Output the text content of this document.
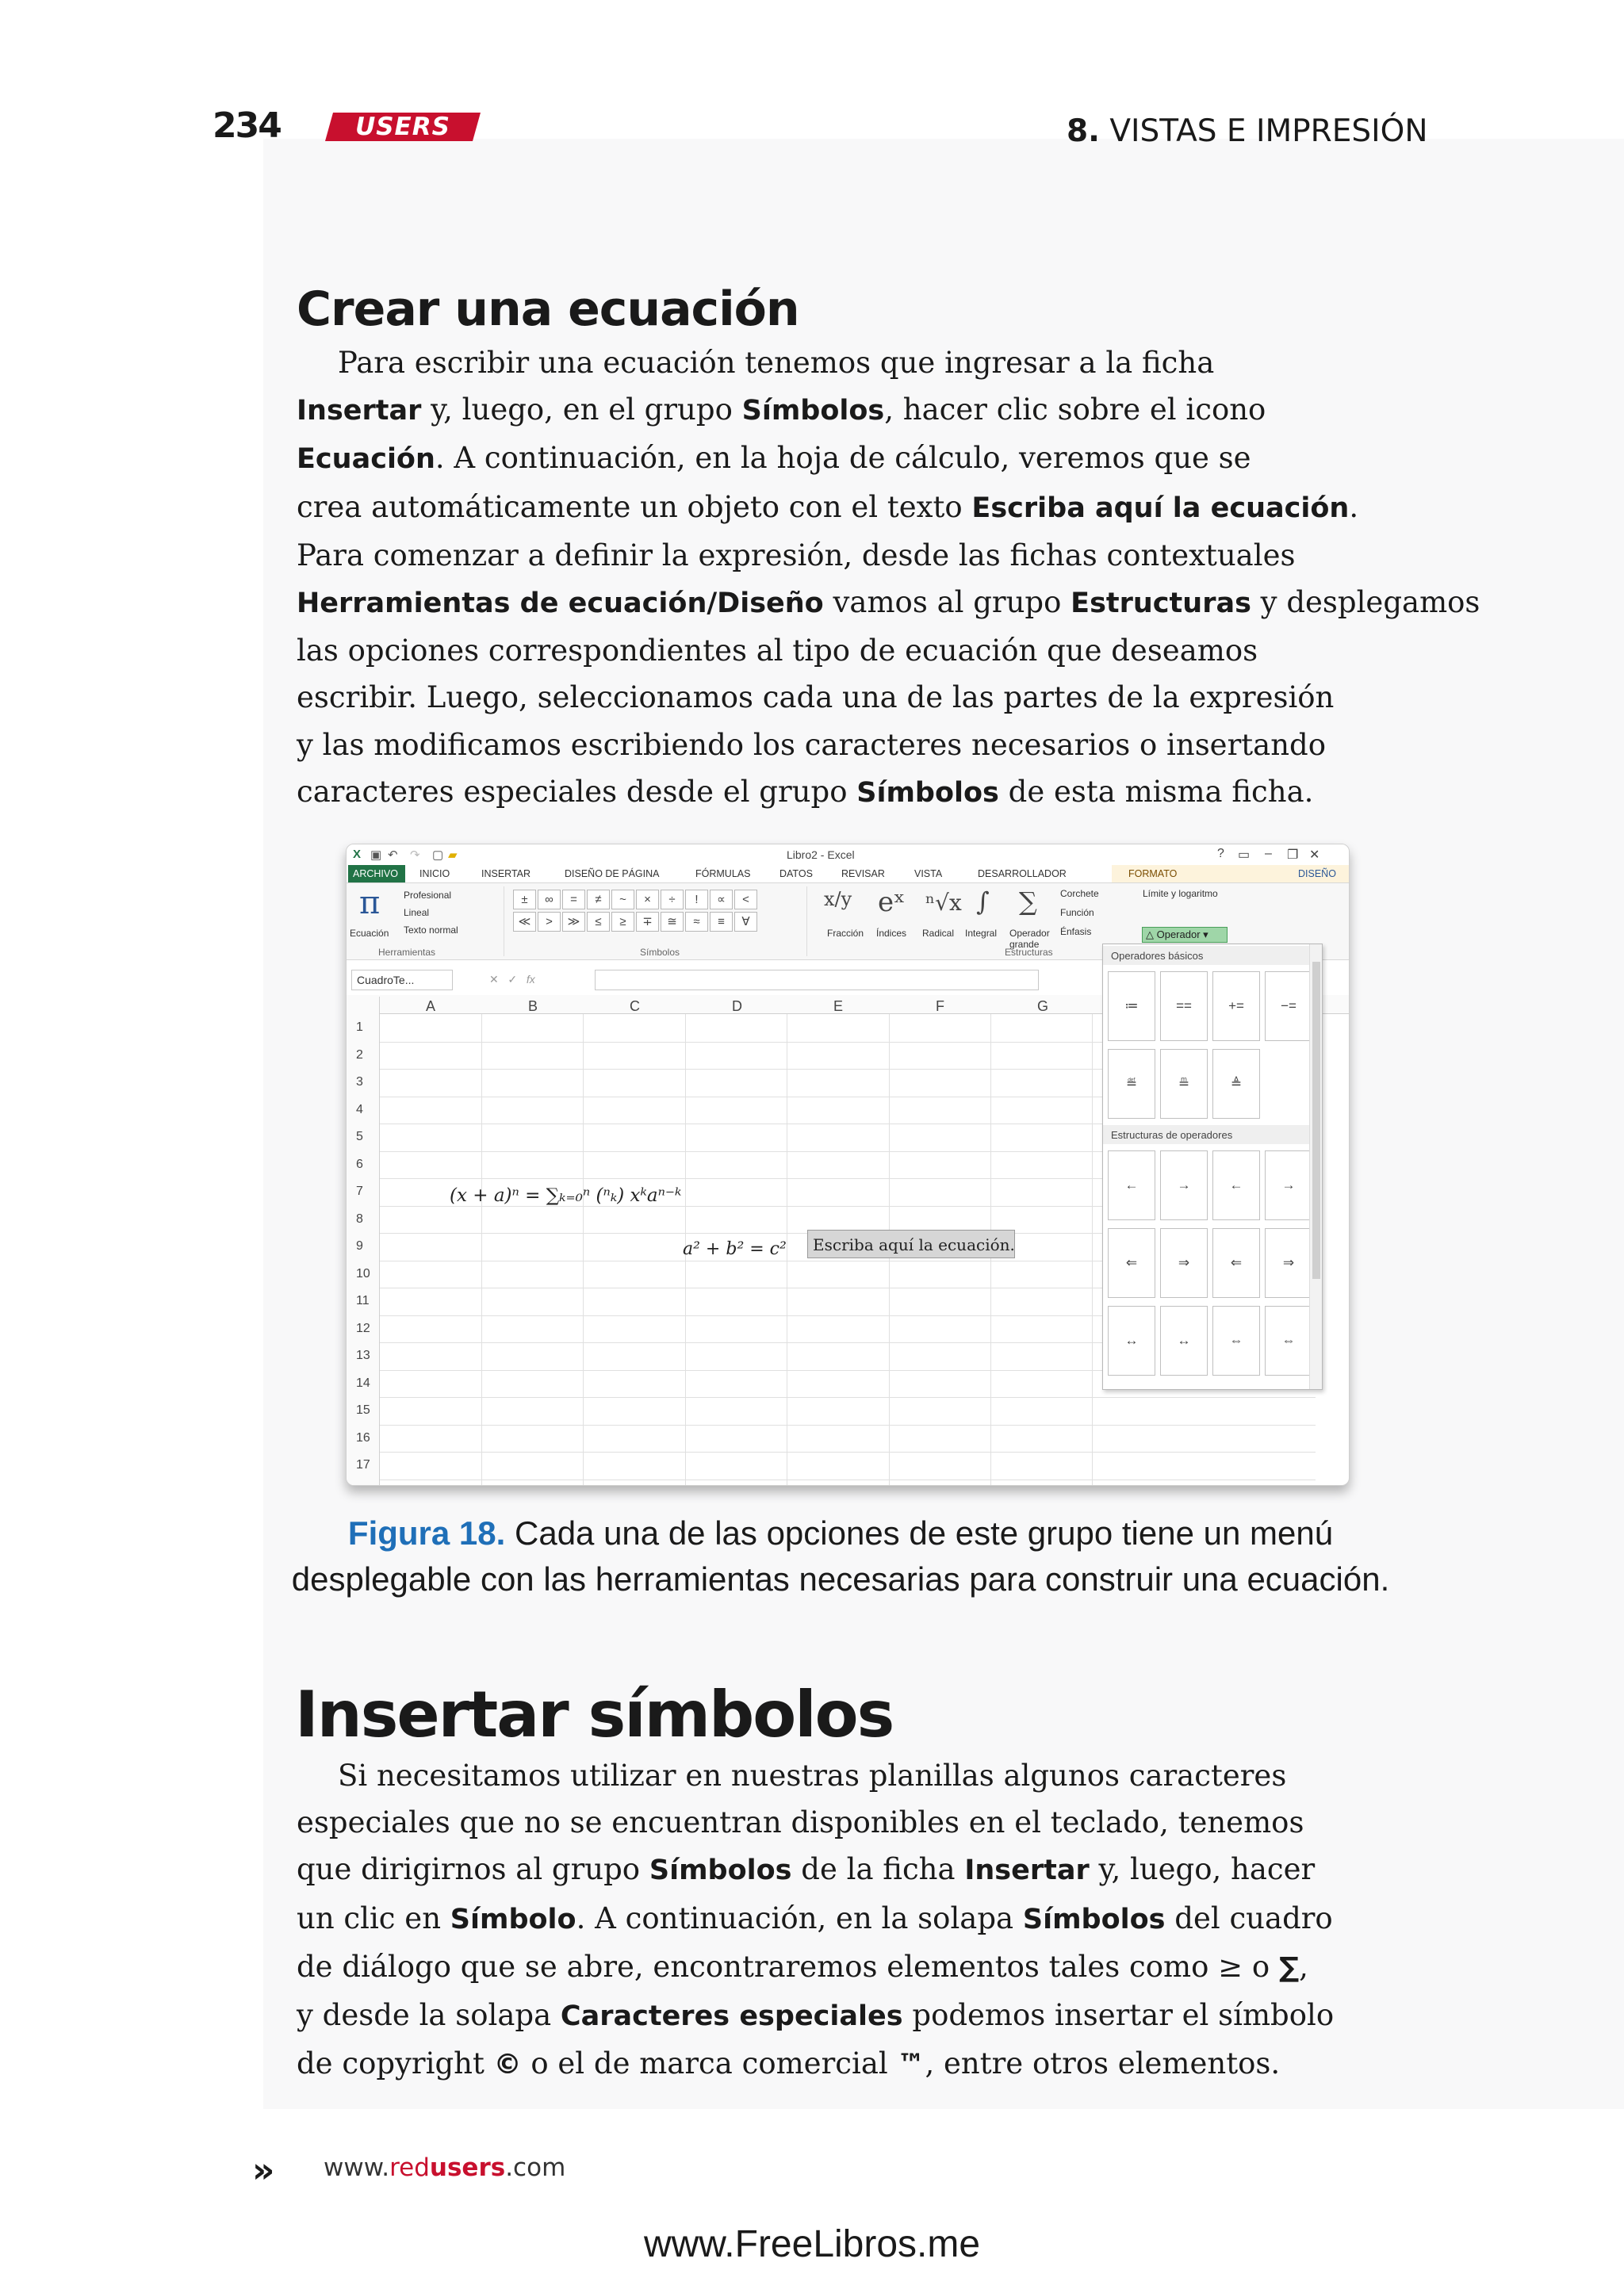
234	USERS	8. VISTAS E IMPRESIÓN
Crear una ecuación
Para escribir una ecuación tenemos que ingresar a la ficha
Insertar y, luego, en el grupo Símbolos, hacer clic sobre el icono
Ecuación. A continuación, en la hoja de cálculo, veremos que se
crea automáticamente un objeto con el texto Escriba aquí la ecuación.
Para comenzar a definir la expresión, desde las fichas contextuales
Herramientas de ecuación/Diseño vamos al grupo Estructuras y desplegamos
las opciones correspondientes al tipo de ecuación que deseamos
escribir. Luego, seleccionamos cada una de las partes de la expresión
y las modificamos escribiendo los caracteres necesarios o insertando
caracteres especiales desde el grupo Símbolos de esta misma ficha.
X ▣ ↶ ↷ ▢ ▰	Libro2 - Excel	? ▭ – ❐ ✕
ARCHIVO	INICIO	INSERTAR	DISEÑO DE PÁGINA	FÓRMULAS	DATOS	REVISAR	VISTA	DESARROLLADOR	FORMATO	DISEÑO
π
Ecuación
Profesional
Lineal
Texto normal
Herramientas
±	∞	=	≠	~	×	÷	!	∝	<
≪	>	≫	≤	≥	∓	≅	≈	≡	∀
Símbolos
x/y eˣ ⁿ√x ∫ ∑
Fracción Índices Radical Integral Operador grande
Corchete
Función
Énfasis
Límite y logaritmo
Estructuras
△ Operador ▾
CuadroTe...	✕   ✓   fx
A	B	C	D	E	F	G
1
2
3
4
5
6
7
8
9
10
11
12
13
14
15
16
17
(x + a)ⁿ = ∑ₖ₌₀ⁿ (ⁿₖ) xᵏaⁿ⁻ᵏ
a² + b² = c²	Escriba aquí la ecuación.
Operadores básicos
≔	==	+=	−=
≝	≞	≜
Estructuras de operadores
←	→	←	→
⇐	⇒	⇐	⇒
↔	↔	⇔	⇔
Figura 18. Cada una de las opciones de este grupo tiene un menú
desplegable con las herramientas necesarias para construir una ecuación.
Insertar símbolos
Si necesitamos utilizar en nuestras planillas algunos caracteres
especiales que no se encuentran disponibles en el teclado, tenemos
que dirigirnos al grupo Símbolos de la ficha Insertar y, luego, hacer
un clic en Símbolo. A continuación, en la solapa Símbolos del cuadro
de diálogo que se abre, encontraremos elementos tales como ≥ o ∑,
y desde la solapa Caracteres especiales podemos insertar el símbolo
de copyright © o el de marca comercial ™, entre otros elementos.
» www.redusers.com
www.FreeLibros.me
